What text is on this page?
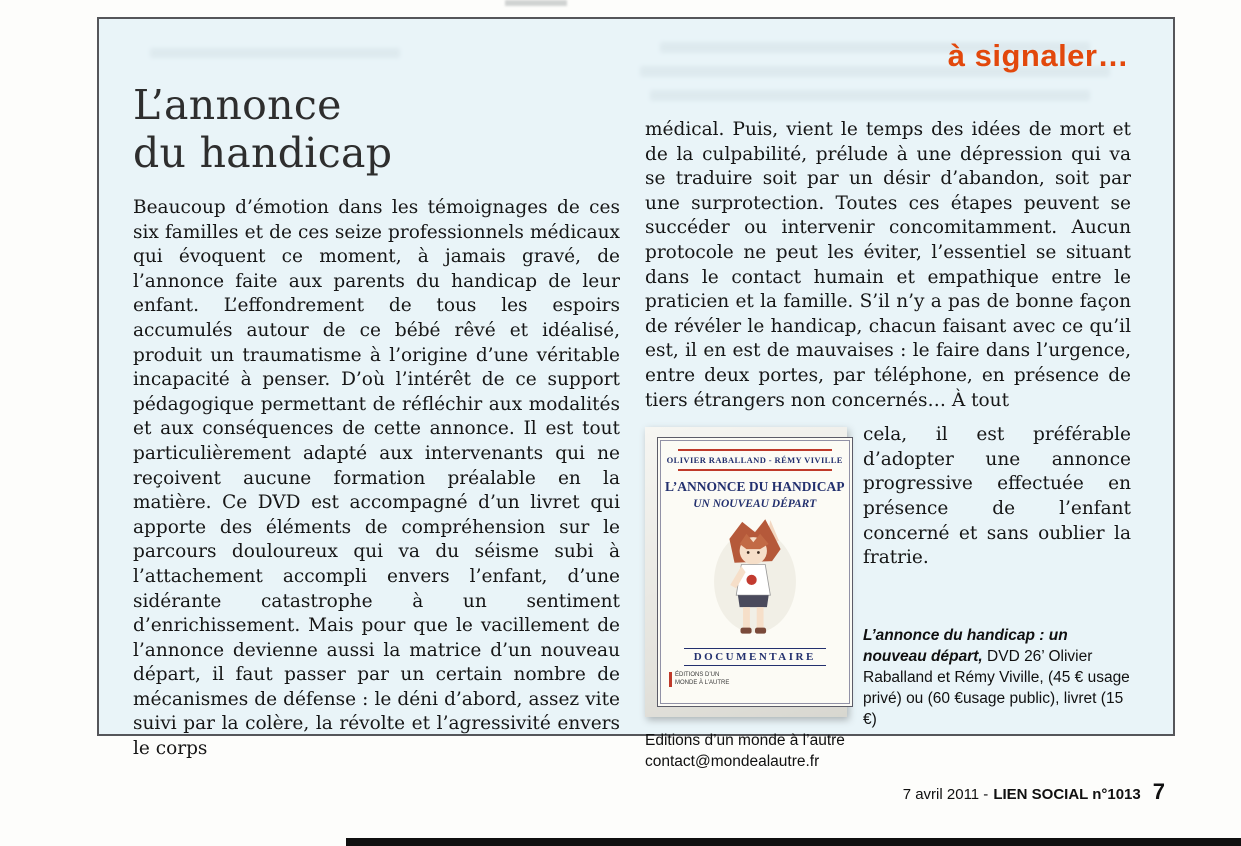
à signaler…
L’annonce
du handicap

Beaucoup d’émotion dans les témoignages de ces six familles et de ces seize professionnels médicaux qui évoquent ce moment, à jamais gravé, de l’annonce faite aux parents du handicap de leur enfant. L’effondrement de tous les espoirs accumulés autour de ce bébé rêvé et idéalisé, produit un traumatisme à l’origine d’une véritable incapacité à penser. D’où l’intérêt de ce support pédagogique permettant de réfléchir aux modalités et aux conséquences de cette annonce. Il est tout particulièrement adapté aux intervenants qui ne reçoivent aucune formation préalable en la matière. Ce DVD est accompagné d’un livret qui apporte des éléments de compréhension sur le parcours douloureux qui va du séisme subi à l’attachement accompli envers l’enfant, d’une sidérante catastrophe à un sentiment d’enrichissement. Mais pour que le vacillement de l’annonce devienne aussi la matrice d’un nouveau départ, il faut passer par un certain nombre de mécanismes de défense : le déni d’abord, assez vite suivi par la colère, la révolte et l’agressivité envers le corps

médical. Puis, vient le temps des idées de mort et de la culpabilité, prélude à une dépression qui va se traduire soit par un désir d’abandon, soit par une surprotection. Toutes ces étapes peuvent se succéder ou intervenir concomitamment. Aucun protocole ne peut les éviter, l’essentiel se situant dans le contact humain et empathique entre le praticien et la famille. S’il n’y a pas de bonne façon de révéler le handicap, chacun faisant avec ce qu’il est, il en est de mauvaises : le faire dans l’urgence, entre deux portes, par téléphone, en présence de tiers étrangers non concernés… À tout

OLIVIER RABALLAND - RÉMY VIVILLE
L’ANNONCE DU HANDICAP
UN NOUVEAU DÉPART
DOCUMENTAIRE
ÉDITIONS D’UN MONDE À L’AUTRE

cela, il est préférable d’adopter une annonce progressive effectuée en présence de l’enfant concerné et sans oublier la fratrie.

L’annonce du handicap : un nouveau départ, DVD 26’ Olivier Raballand et Rémy Viville, (45 € usage privé) ou (60 €usage public), livret (15 €)

Editions d’un monde à l’autre

contact@mondealautre.fr

7 avril 2011 - LIEN SOCIAL n°1013 7
